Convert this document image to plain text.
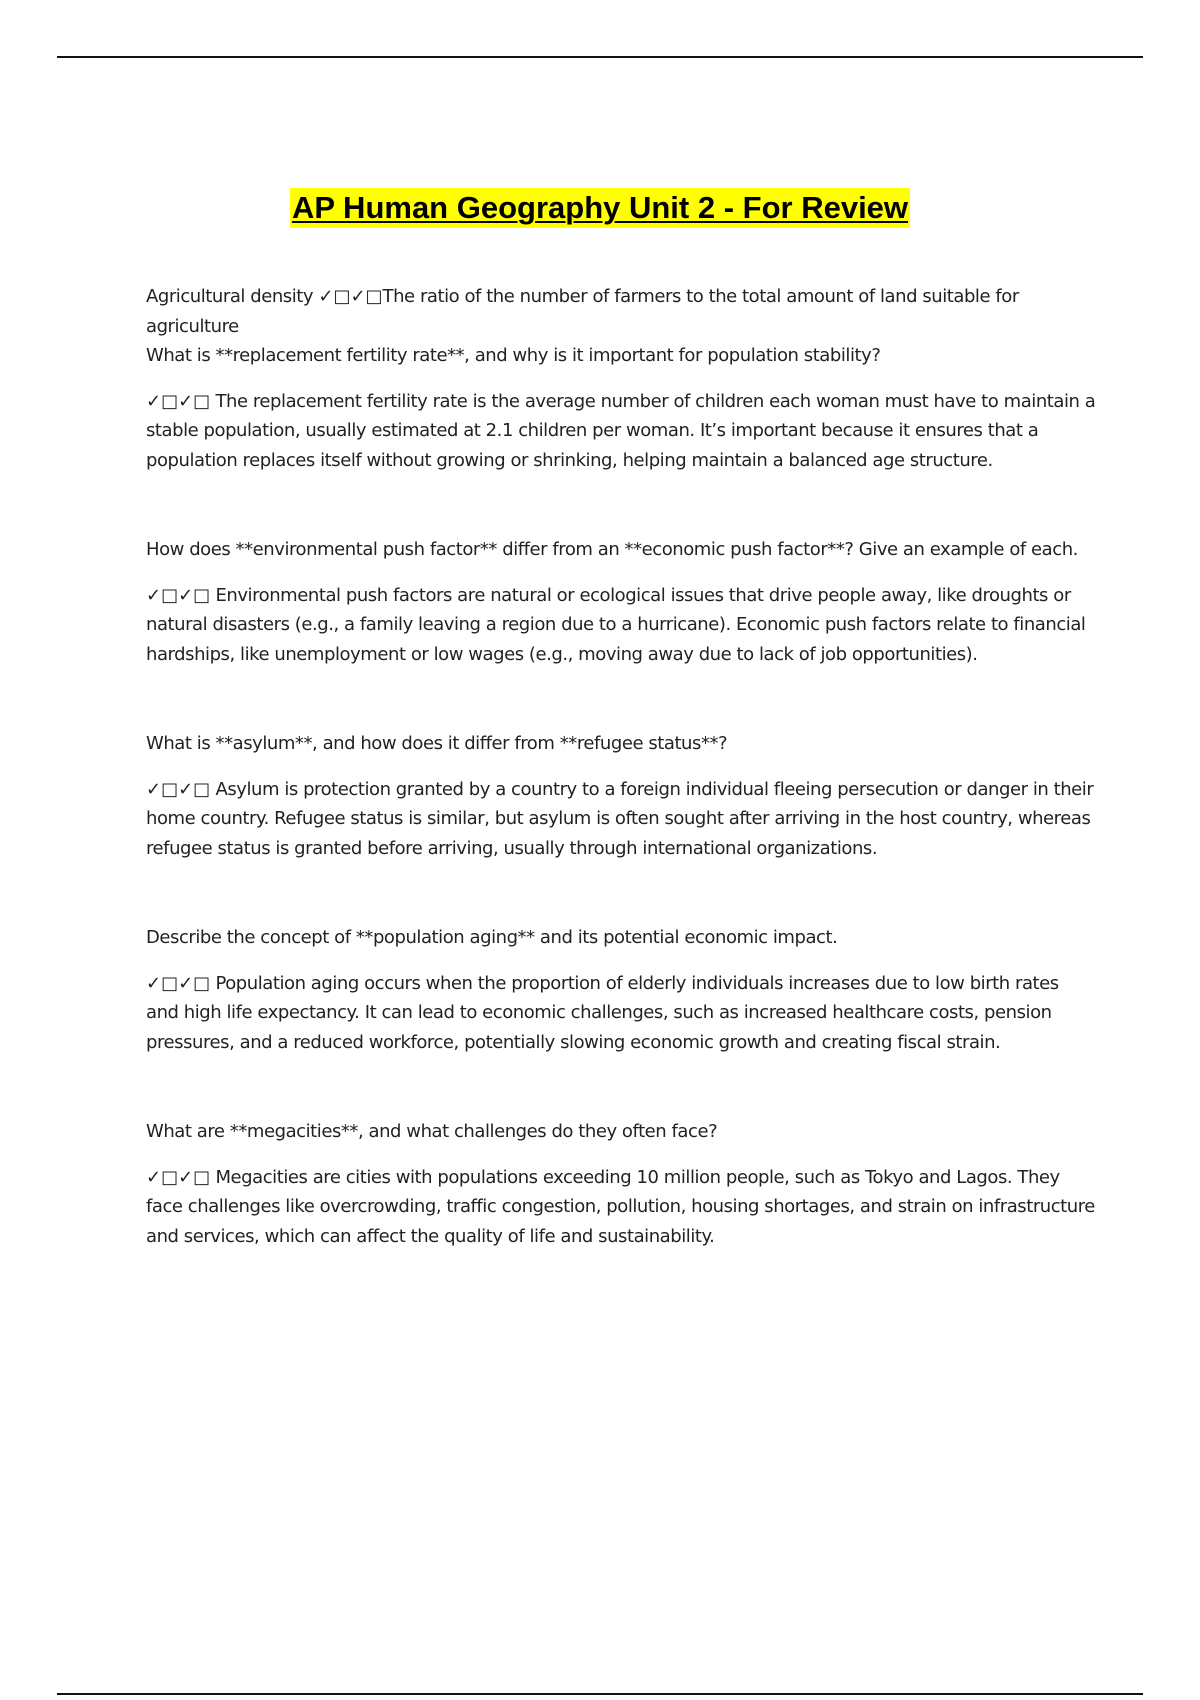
AP Human Geography Unit 2 - For Review

Agricultural density ✓□✓□The ratio of the number of farmers to the total amount of land suitable for agriculture

What is **replacement fertility rate**, and why is it important for population stability?

✓□✓□ The replacement fertility rate is the average number of children each woman must have to maintain a stable population, usually estimated at 2.1 children per woman. It’s important because it ensures that a population replaces itself without growing or shrinking, helping maintain a balanced age structure.

How does **environmental push factor** differ from an **economic push factor**? Give an example of each.

✓□✓□ Environmental push factors are natural or ecological issues that drive people away, like droughts or natural disasters (e.g., a family leaving a region due to a hurricane). Economic push factors relate to financial hardships, like unemployment or low wages (e.g., moving away due to lack of job opportunities).

What is **asylum**, and how does it differ from **refugee status**?

✓□✓□ Asylum is protection granted by a country to a foreign individual fleeing persecution or danger in their home country. Refugee status is similar, but asylum is often sought after arriving in the host country, whereas refugee status is granted before arriving, usually through international organizations.

Describe the concept of **population aging** and its potential economic impact.

✓□✓□ Population aging occurs when the proportion of elderly individuals increases due to low birth rates and high life expectancy. It can lead to economic challenges, such as increased healthcare costs, pension pressures, and a reduced workforce, potentially slowing economic growth and creating fiscal strain.

What are **megacities**, and what challenges do they often face?

✓□✓□ Megacities are cities with populations exceeding 10 million people, such as Tokyo and Lagos. They face challenges like overcrowding, traffic congestion, pollution, housing shortages, and strain on infrastructure and services, which can affect the quality of life and sustainability.
